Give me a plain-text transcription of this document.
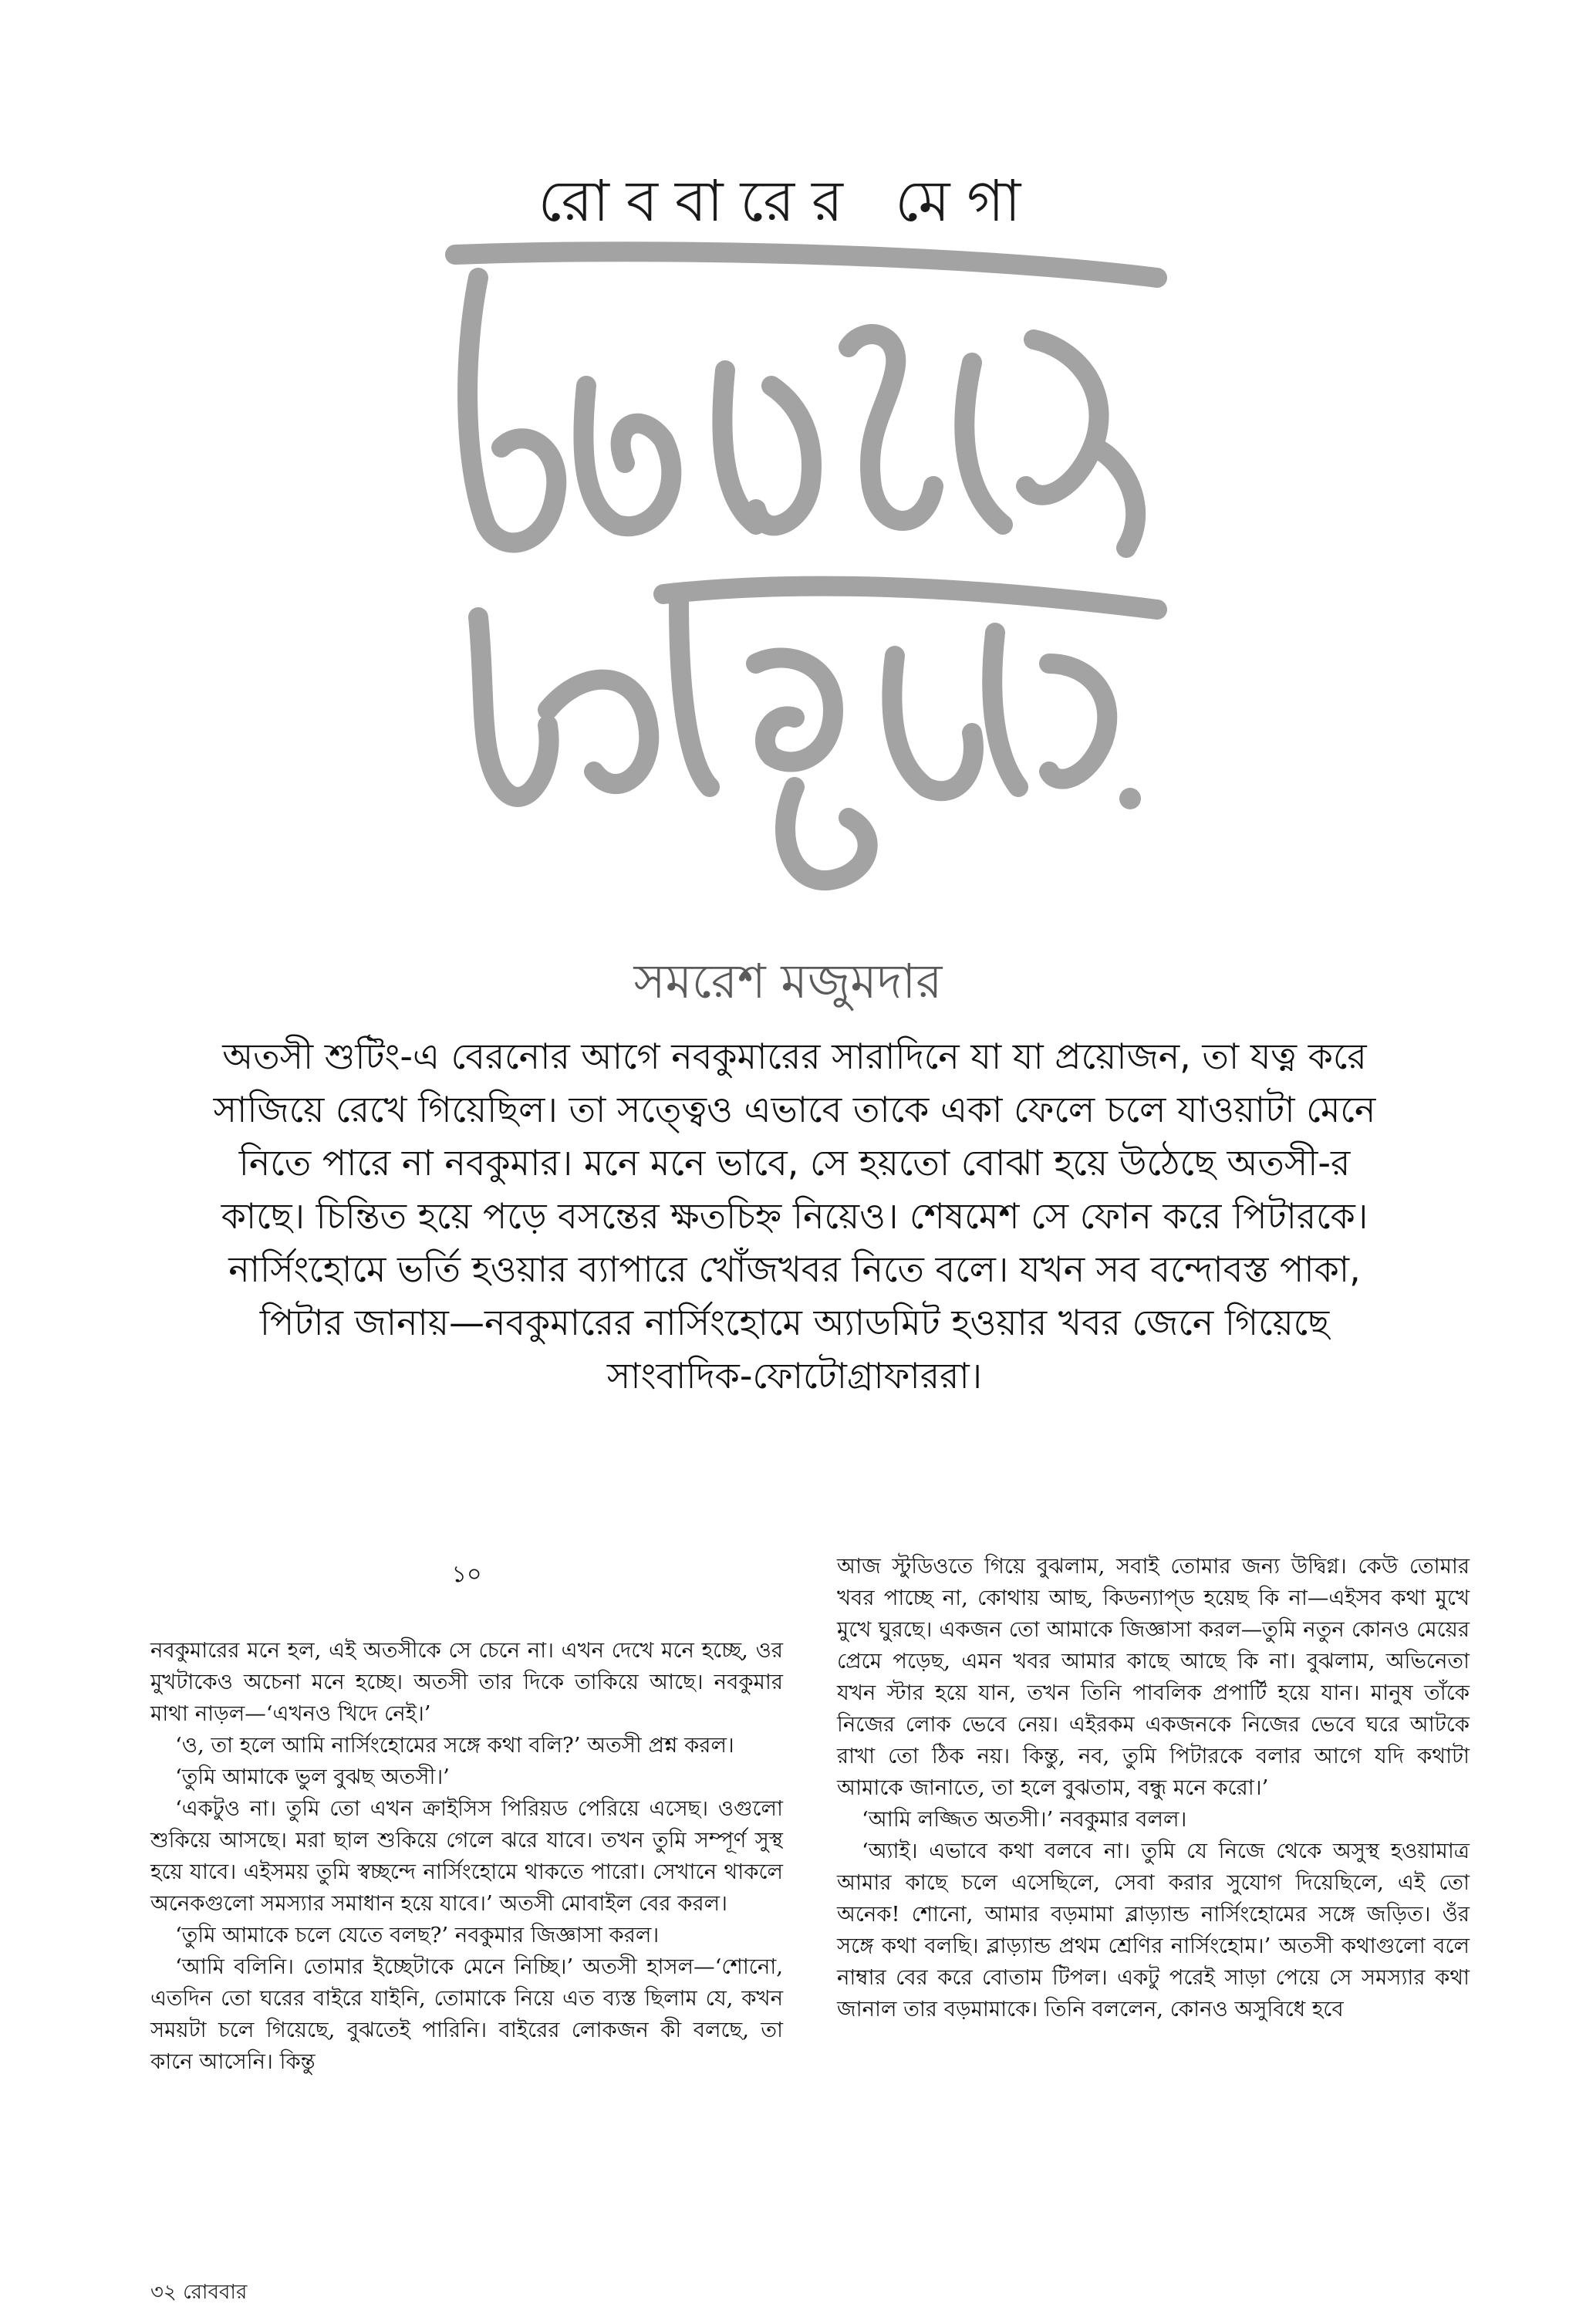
রোববারের মেগা
সমরেশ মজুমদার
অতসী শুটিং-এ বেরনোর আগে নবকুমারের সারাদিনে যা যা প্রয়োজন, তা যত্ন করে সাজিয়ে রেখে গিয়েছিল। তা সত্ত্বেও এভাবে তাকে একা ফেলে চলে যাওয়াটা মেনে নিতে পারে না নবকুমার। মনে মনে ভাবে, সে হয়তো বোঝা হয়ে উঠেছে অতসী-র কাছে। চিন্তিত হয়ে পড়ে বসন্তের ক্ষতচিহ্ন নিয়েও। শেষমেশ সে ফোন করে পিটারকে। নার্সিংহোমে ভর্তি হওয়ার ব্যাপারে খোঁজখবর নিতে বলে। যখন সব বন্দোবস্ত পাকা, পিটার জানায়—নবকুমারের নার্সিংহোমে অ্যাডমিট হওয়ার খবর জেনে গিয়েছে সাংবাদিক-ফোটোগ্রাফাররা।
১০

নবকুমারের মনে হল, এই অতসীকে সে চেনে না। এখন দেখে মনে হচ্ছে, ওর মুখটাকেও অচেনা মনে হচ্ছে। অতসী তার দিকে তাকিয়ে আছে। নবকুমার মাথা নাড়ল—‘এখনও খিদে নেই।’

‘ও, তা হলে আমি নার্সিংহোমের সঙ্গে কথা বলি?’ অতসী প্রশ্ন করল।

‘তুমি আমাকে ভুল বুঝছ অতসী।’

‘একটুও না। তুমি তো এখন ক্রাইসিস পিরিয়ড পেরিয়ে এসেছ। ওগুলো শুকিয়ে আসছে। মরা ছাল শুকিয়ে গেলে ঝরে যাবে। তখন তুমি সম্পূর্ণ সুস্থ হয়ে যাবে। এইসময় তুমি স্বচ্ছন্দে নার্সিংহোমে থাকতে পারো। সেখানে থাকলে অনেকগুলো সমস্যার সমাধান হয়ে যাবে।’ অতসী মোবাইল বের করল।

‘তুমি আমাকে চলে যেতে বলছ?’ নবকুমার জিজ্ঞাসা করল।

‘আমি বলিনি। তোমার ইচ্ছেটাকে মেনে নিচ্ছি।’ অতসী হাসল—‘শোনো, এতদিন তো ঘরের বাইরে যাইনি, তোমাকে নিয়ে এত ব্যস্ত ছিলাম যে, কখন সময়টা চলে গিয়েছে, বুঝতেই পারিনি। বাইরের লোকজন কী বলছে, তা কানে আসেনি। কিন্তু

আজ স্টুডিওতে গিয়ে বুঝলাম, সবাই তোমার জন্য উদ্বিগ্ন। কেউ তোমার খবর পাচ্ছে না, কোথায় আছ, কিডন্যাপ্‌ড হয়েছ কি না—এইসব কথা মুখে মুখে ঘুরছে। একজন তো আমাকে জিজ্ঞাসা করল—তুমি নতুন কোনও মেয়ের প্রেমে পড়েছ, এমন খবর আমার কাছে আছে কি না। বুঝলাম, অভিনেতা যখন স্টার হয়ে যান, তখন তিনি পাবলিক প্রপার্টি হয়ে যান। মানুষ তাঁকে নিজের লোক ভেবে নেয়। এইরকম একজনকে নিজের ভেবে ঘরে আটকে রাখা তো ঠিক নয়। কিন্তু, নব, তুমি পিটারকে বলার আগে যদি কথাটা আমাকে জানাতে, তা হলে বুঝতাম, বন্ধু মনে করো।’

‘আমি লজ্জিত অতসী।’ নবকুমার বলল।

‘অ্যাই। এভাবে কথা বলবে না। তুমি যে নিজে থেকে অসুস্থ হওয়ামাত্র আমার কাছে চলে এসেছিলে, সেবা করার সুযোগ দিয়েছিলে, এই তো অনেক! শোনো, আমার বড়মামা ব্লাড়্যান্ড নার্সিংহোমের সঙ্গে জড়িত। ওঁর সঙ্গে কথা বলছি। ব্লাড়্যান্ড প্রথম শ্রেণির নার্সিংহোম।’ অতসী কথাগুলো বলে নাম্বার বের করে বোতাম টিপল। একটু পরেই সাড়া পেয়ে সে সমস্যার কথা জানাল তার বড়মামাকে। তিনি বললেন, কোনও অসুবিধে হবে

৩২ রোববার
